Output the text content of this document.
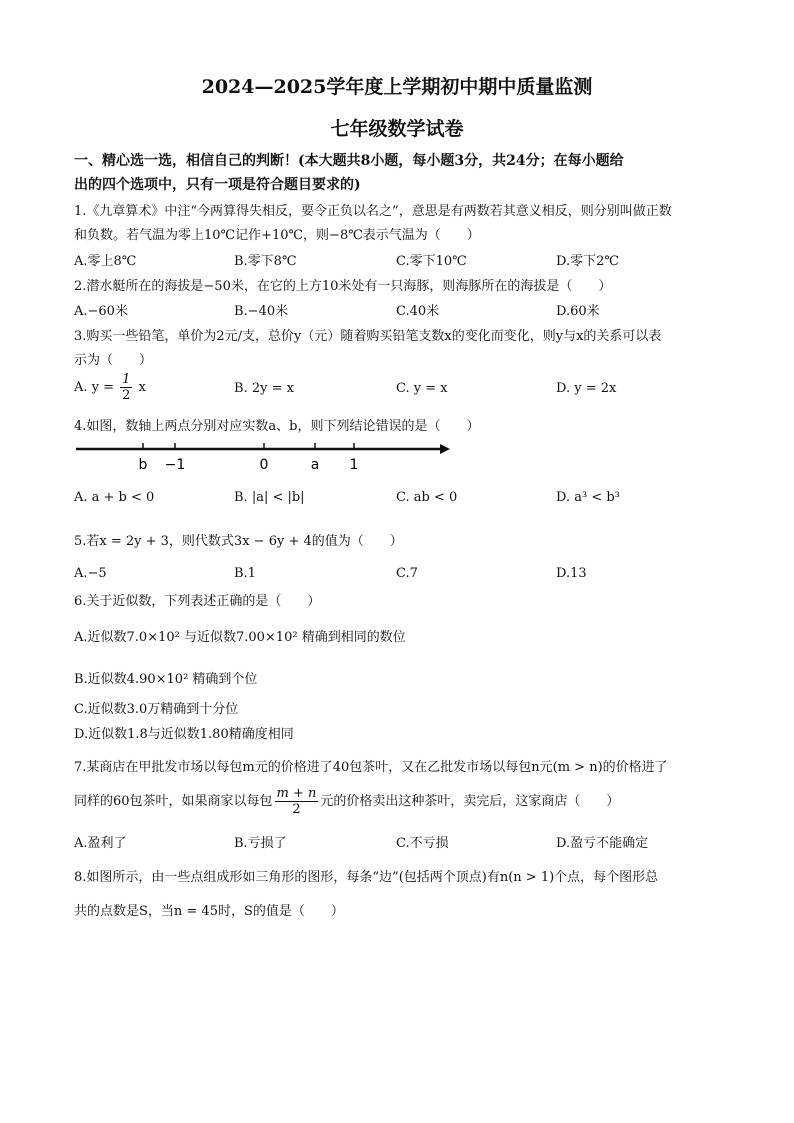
2024—2025学年度上学期初中期中质量监测
七年级数学试卷
一、精心选一选，相信自己的判断！(本大题共8小题，每小题3分，共24分；在每小题给
出的四个选项中，只有一项是符合题目要求的)
1.《九章算术》中注“今两算得失相反，要令正负以名之”，意思是有两数若其意义相反，则分别叫做正数
和负数。若气温为零上10℃记作+10℃，则−8℃表示气温为（　　）
A.零上8℃	B.零下8℃	C.零下10℃	D.零下2℃
2.潜水艇所在的海拔是−50米，在它的上方10米处有一只海豚，则海豚所在的海拔是（　　）
A.−60米	B.−40米	C.40米	D.60米
3.购买一些铅笔，单价为2元/支，总价y（元）随着购买铅笔支数x的变化而变化，则y与x的关系可以表
示为（　　）
A. $y = \frac{1}{2}$ x	B. 2y = x	C. y = x	D. y = 2x
4.如图，数轴上两点分别对应实数a、b，则下列结论错误的是（　　）
b −1	0	a 1
A. a + b < 0	B. |a| < |b|	C. ab < 0	D. a³ < b³
5.若x = 2y + 3，则代数式3x − 6y + 4的值为（　　）
A.−5	B.1	C.7	D.13
6.关于近似数，下列表述正确的是（　　）
A.近似数7.0×10² 与近似数7.00×10² 精确到相同的数位
B.近似数4.90×10² 精确到个位
C.近似数3.0万精确到十分位
D.近似数1.8与近似数1.80精确度相同
7.某商店在甲批发市场以每包m元的价格进了40包茶叶，又在乙批发市场以每包n元(m > n)的价格进了
同样的60包茶叶，如果商家以每包 $\frac{m + n}{2}$ 元的价格卖出这种茶叶，卖完后，这家商店（　　）
A.盈利了	B.亏损了	C.不亏损	D.盈亏不能确定
8.如图所示，由一些点组成形如三角形的图形，每条“边”(包括两个顶点)有n(n > 1)个点，每个图形总
共的点数是S，当n = 45时，S的值是（　　）
